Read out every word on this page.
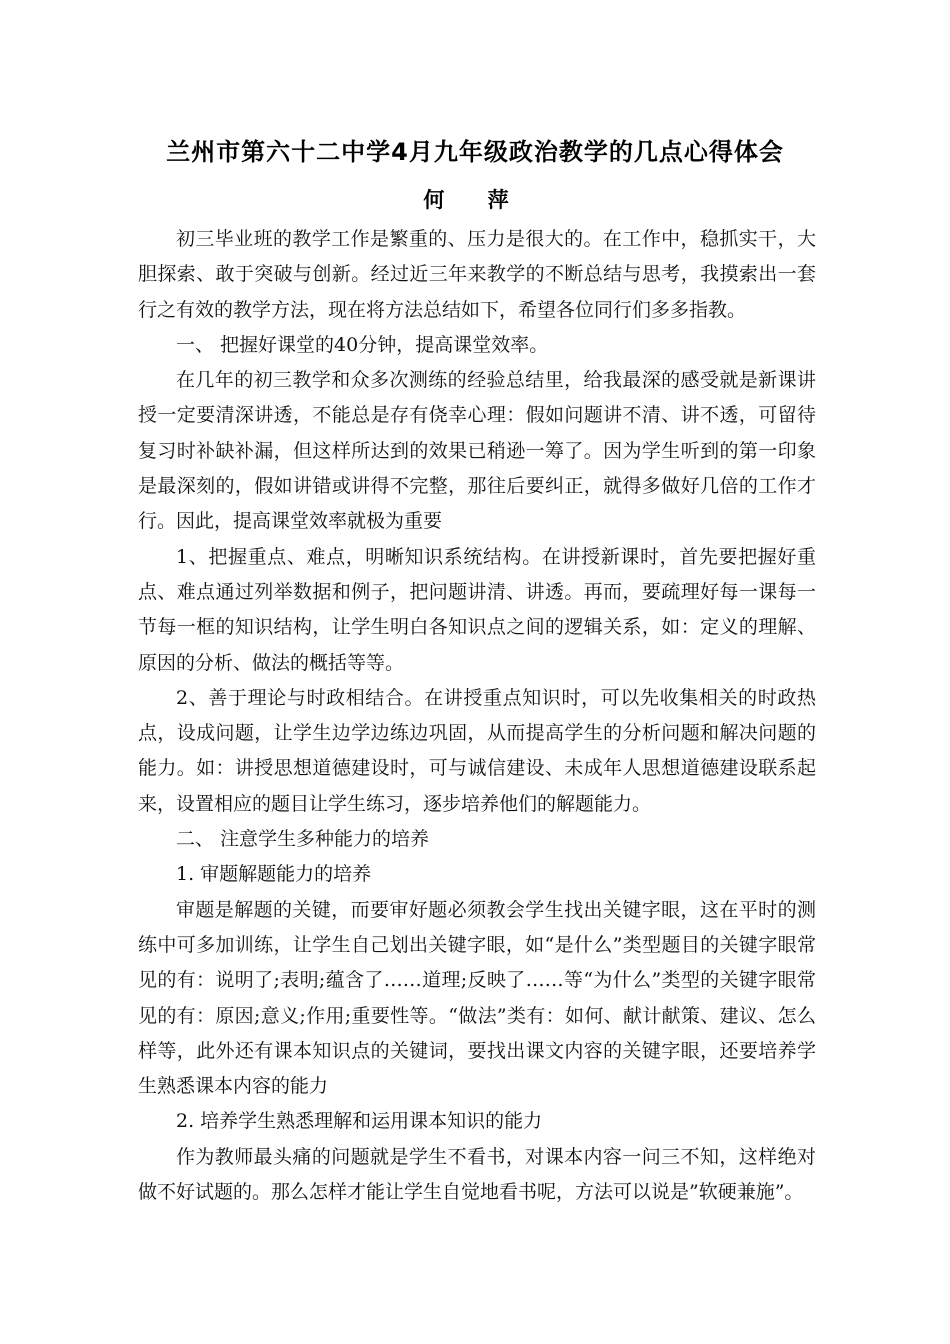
兰州市第六十二中学4月九年级政治教学的几点心得体会
何 萍

初三毕业班的教学工作是繁重的、压力是很大的。在工作中，稳抓实干，大胆探索、敢于突破与创新。经过近三年来教学的不断总结与思考，我摸索出一套行之有效的教学方法，现在将方法总结如下，希望各位同行们多多指教。

一、 把握好课堂的40分钟，提高课堂效率。

在几年的初三教学和众多次测练的经验总结里，给我最深的感受就是新课讲授一定要清深讲透，不能总是存有侥幸心理：假如问题讲不清、讲不透，可留待复习时补缺补漏，但这样所达到的效果已稍逊一筹了。因为学生听到的第一印象是最深刻的，假如讲错或讲得不完整，那往后要纠正，就得多做好几倍的工作才行。因此，提高课堂效率就极为重要

1、把握重点、难点，明晰知识系统结构。在讲授新课时，首先要把握好重点、难点通过列举数据和例子，把问题讲清、讲透。再而，要疏理好每一课每一节每一框的知识结构，让学生明白各知识点之间的逻辑关系，如：定义的理解、原因的分析、做法的概括等等。

2、善于理论与时政相结合。在讲授重点知识时，可以先收集相关的时政热点，设成问题，让学生边学边练边巩固，从而提高学生的分析问题和解决问题的能力。如：讲授思想道德建设时，可与诚信建设、未成年人思想道德建设联系起来，设置相应的题目让学生练习，逐步培养他们的解题能力。

二、 注意学生多种能力的培养

1. 审题解题能力的培养

审题是解题的关键，而要审好题必须教会学生找出关键字眼，这在平时的测练中可多加训练，让学生自己划出关键字眼，如“是什么”类型题目的关键字眼常见的有：说明了;表明;蕴含了……道理;反映了……等“为什么”类型的关键字眼常见的有：原因;意义;作用;重要性等。“做法”类有：如何、献计献策、建议、怎么样等，此外还有课本知识点的关键词，要找出课文内容的关键字眼，还要培养学生熟悉课本内容的能力

2. 培养学生熟悉理解和运用课本知识的能力

作为教师最头痛的问题就是学生不看书，对课本内容一问三不知，这样绝对做不好试题的。那么怎样才能让学生自觉地看书呢，方法可以说是”软硬兼施”。
